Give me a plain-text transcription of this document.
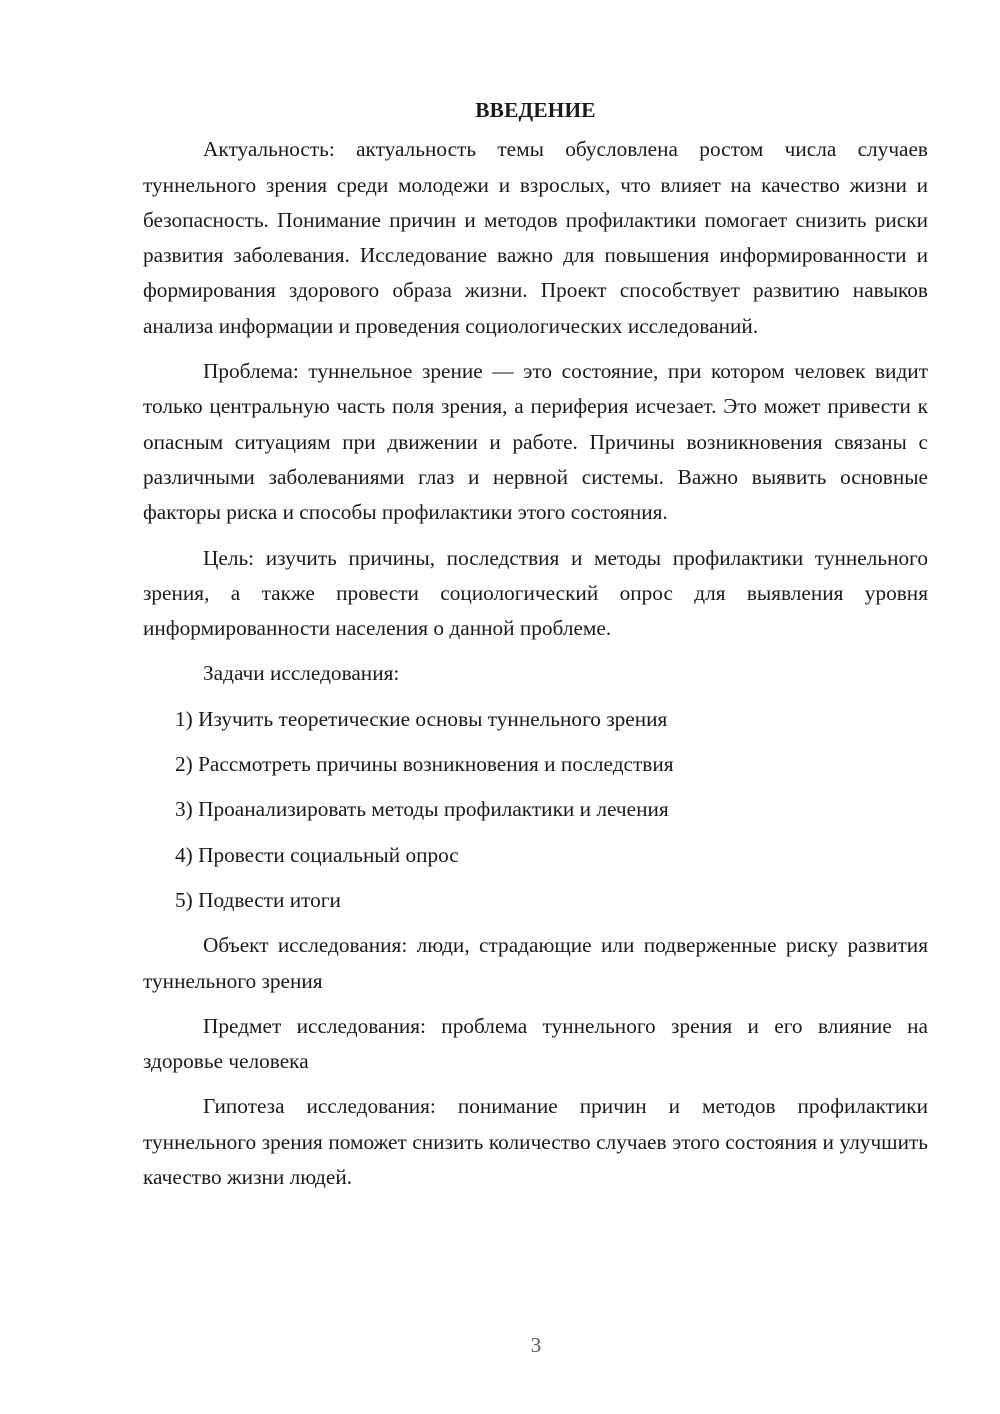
ВВЕДЕНИЕ

Актуальность: актуальность темы обусловлена ростом числа случаев туннельного зрения среди молодежи и взрослых, что влияет на качество жизни и безопасность. Понимание причин и методов профилактики помогает снизить риски развития заболевания. Исследование важно для повышения информированности и формирования здорового образа жизни. Проект способствует развитию навыков анализа информации и проведения социологических исследований.

Проблема: туннельное зрение — это состояние, при котором человек видит только центральную часть поля зрения, а периферия исчезает. Это может привести к опасным ситуациям при движении и работе. Причины возникновения связаны с различными заболеваниями глаз и нервной системы. Важно выявить основные факторы риска и способы профилактики этого состояния.

Цель: изучить причины, последствия и методы профилактики туннельного зрения, а также провести социологический опрос для выявления уровня информированности населения о данной проблеме.

Задачи исследования:

1) Изучить теоретические основы туннельного зрения

2) Рассмотреть причины возникновения и последствия

3) Проанализировать методы профилактики и лечения

4) Провести социальный опрос

5) Подвести итоги

Объект исследования: люди, страдающие или подверженные риску развития туннельного зрения

Предмет исследования: проблема туннельного зрения и его влияние на здоровье человека

Гипотеза исследования: понимание причин и методов профилактики туннельного зрения поможет снизить количество случаев этого состояния и улучшить качество жизни людей.

3
